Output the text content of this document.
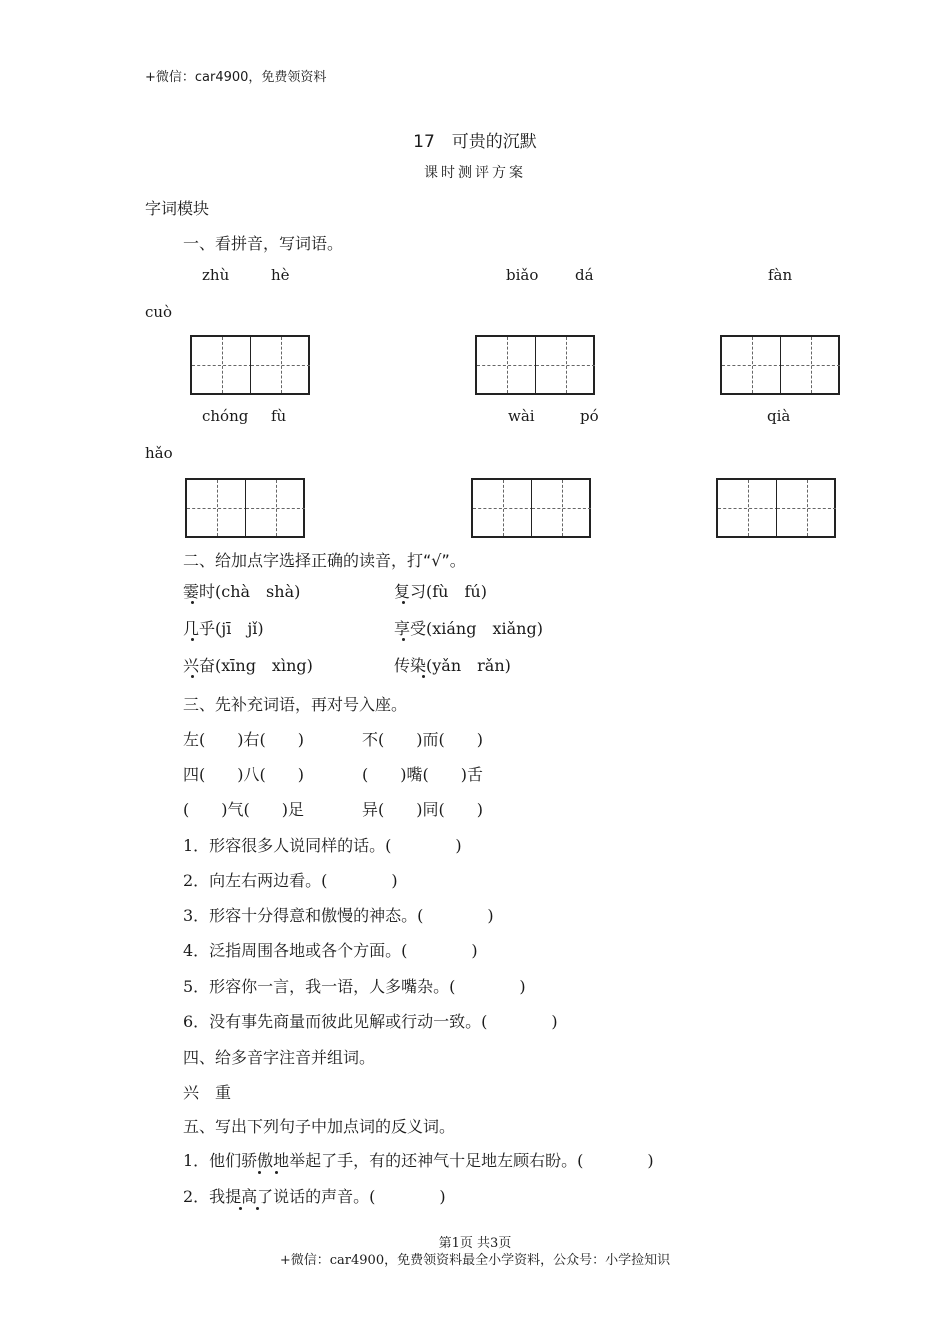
+微信：car4900，免费领资料
17　可贵的沉默
课时测评方案
字词模块
一、看拼音，写词语。
zhù	hè	biǎo dá	fàn
cuò
chóng fù	wài	pó	qià
hǎo
二、给加点字选择正确的读音，打“√”。
霎时(chà　shà)	复习(fù　fú)
几乎(jī　jǐ)	享受(xiáng　xiǎng)
兴奋(xīng　xìng)	传染(yǎn　rǎn)
三、先补充词语，再对号入座。
左(　　)右(　　)	不(　　)而(　　)
四(　　)八(　　)	(　　)嘴(　　)舌
(　　)气(　　)足	异(　　)同(　　)
1．形容很多人说同样的话。(　　　　)
2．向左右两边看。(　　　　)
3．形容十分得意和傲慢的神态。(　　　　)
4．泛指周围各地或各个方面。(　　　　)
5．形容你一言，我一语，人多嘴杂。(　　　　)
6．没有事先商量而彼此见解或行动一致。(　　　　)
四、给多音字注音并组词。
兴　重
五、写出下列句子中加点词的反义词。
1．他们骄傲地举起了手，有的还神气十足地左顾右盼。(　　　　)
2．我提高了说话的声音。(　　　　)
第1页 共3页
+微信：car4900，免费领资料最全小学资料，公众号：小学捡知识
